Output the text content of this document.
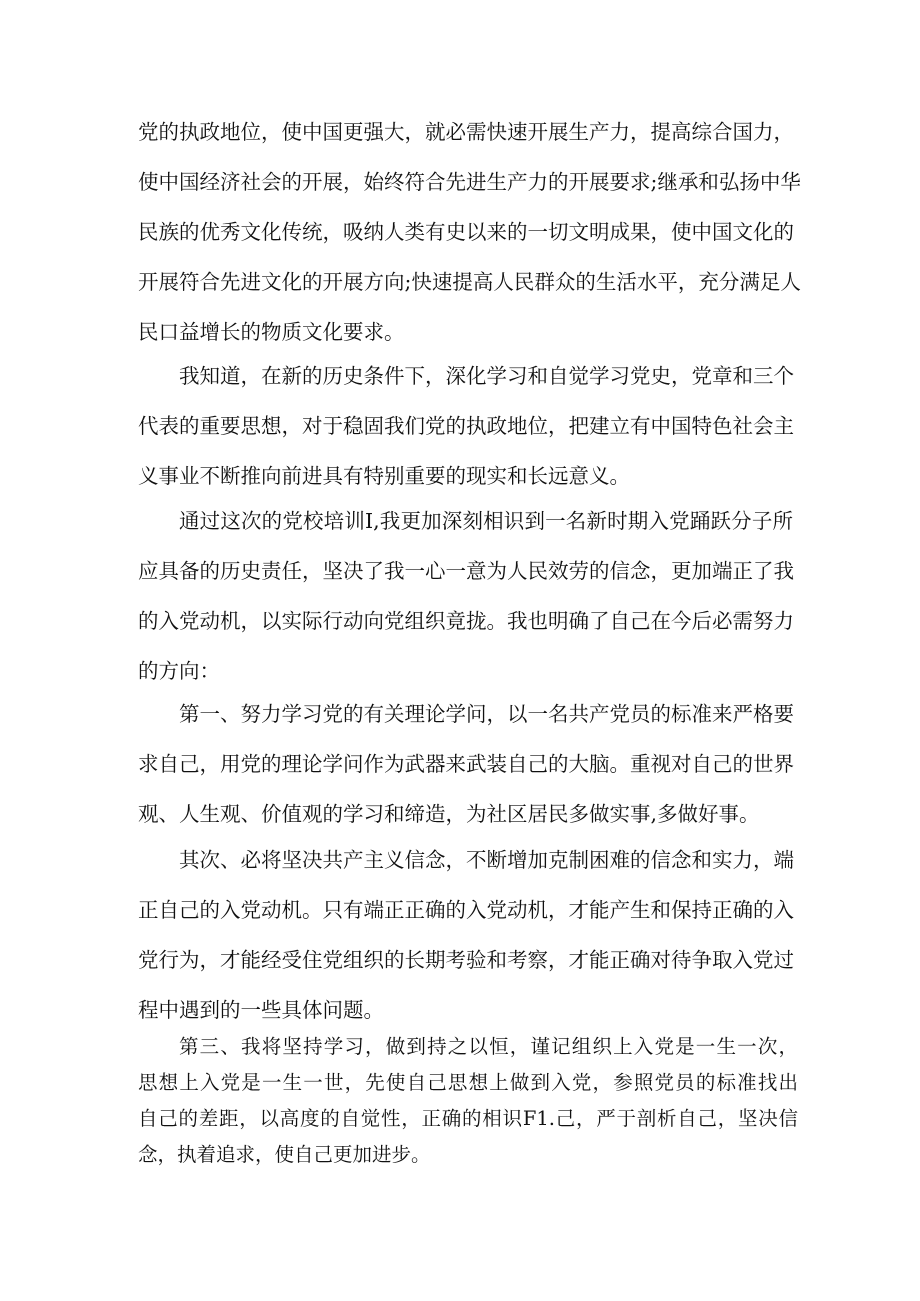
党的执政地位，使中国更强大，就必需快速开展生产力，提高综合国力，
使中国经济社会的开展，始终符合先进生产力的开展要求;继承和弘扬中华
民族的优秀文化传统，吸纳人类有史以来的一切文明成果，使中国文化的
开展符合先进文化的开展方向;快速提高人民群众的生活水平，充分满足人
民口益增长的物质文化要求。
我知道，在新的历史条件下，深化学习和自觉学习党史，党章和三个
代表的重要思想，对于稳固我们党的执政地位，把建立有中国特色社会主
义事业不断推向前进具有特别重要的现实和长远意义。
通过这次的党校培训I,我更加深刻相识到一名新时期入党踊跃分子所
应具备的历史责任，坚决了我一心一意为人民效劳的信念，更加端正了我
的入党动机，以实际行动向党组织竟拢。我也明确了自己在今后必需努力
的方向：
第一、努力学习党的有关理论学问，以一名共产党员的标准来严格要
求自己，用党的理论学问作为武器来武装自己的大脑。重视对自己的世界
观、人生观、价值观的学习和缔造，为社区居民多做实事,多做好事。
其次、必将坚决共产主义信念，不断增加克制困难的信念和实力，端
正自己的入党动机。只有端正正确的入党动机，才能产生和保持正确的入
党行为，才能经受住党组织的长期考验和考察，才能正确对待争取入党过
程中遇到的一些具体问题。
第三、我将坚持学习，做到持之以恒，谨记组织上入党是一生一次，
思想上入党是一生一世，先使自己思想上做到入党，参照党员的标准找出
自己的差距，以高度的自觉性，正确的相识F1.己，严于剖析自己，坚决信
念，执着追求，使自己更加进步。
